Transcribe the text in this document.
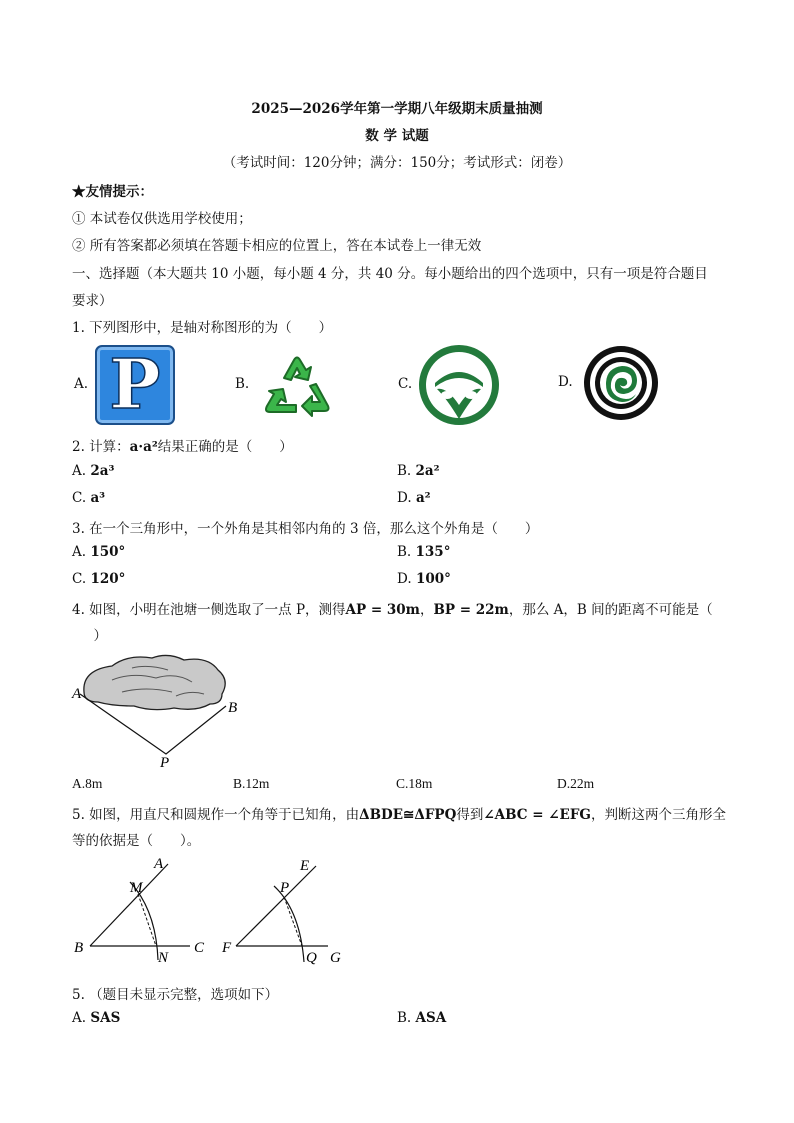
2025—2026学年第一学期八年级期末质量抽测
数 学 试题
（考试时间：120分钟；满分：150分；考试形式：闭卷）
★友情提示：
① 本试卷仅供选用学校使用；
② 所有答案都必须填在答题卡相应的位置上，答在本试卷上一律无效
一、选择题（本大题共 10 小题，每小题 4 分，共 40 分。每小题给出的四个选项中，只有一项是符合题目
要求）
1. 下列图形中，是轴对称图形的为（　　）
A. P	B.	C.	D.
2. 计算：a·a²结果正确的是（　　）
A. 2a³	B. 2a²
C. a³	D. a²
3. 在一个三角形中，一个外角是其相邻内角的 3 倍，那么这个外角是（　　）
A. 150°	B. 135°
C. 120°	D. 100°
4. 如图，小明在池塘一侧选取了一点 P，测得AP = 30m，BP = 22m，那么 A，B 间的距离不可能是（
　）
A
B
P
A.8m	B.12m	C.18m	D.22m
5. 如图，用直尺和圆规作一个角等于已知角，由ΔBDE≅ΔFPQ得到∠ABC = ∠EFG，判断这两个三角形全
等的依据是（　　）。
A
M
B
N
C
E
P
F
Q G
5. （题目未显示完整，选项如下）
A. SAS	B. ASA
